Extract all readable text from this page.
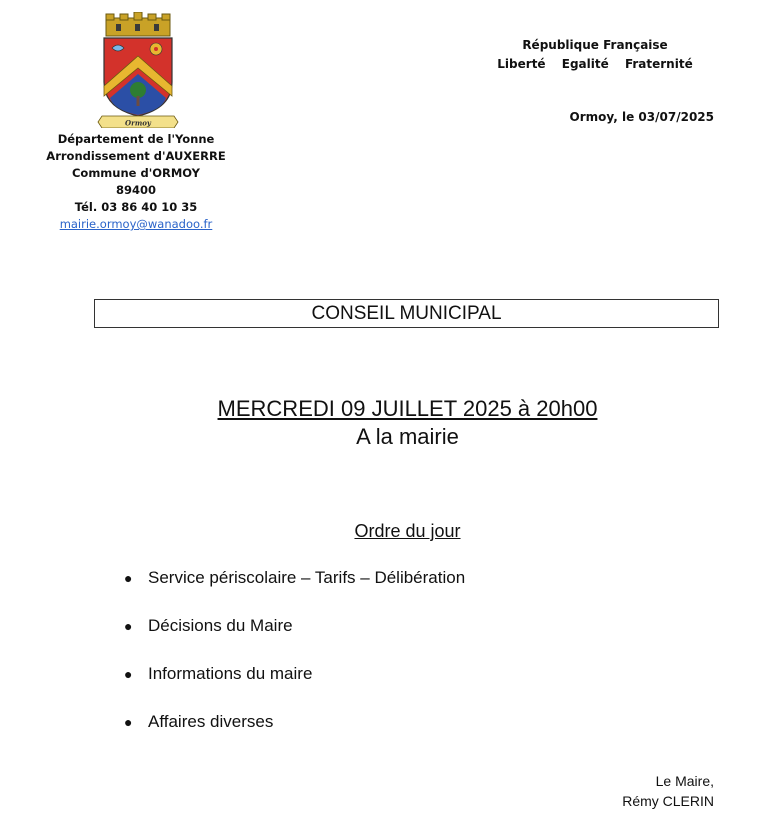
Ormoy
Département de l'Yonne
Arrondissement d'AUXERRE
Commune d'ORMOY
89400
Tél. 03 86 40 10 35
mairie.ormoy@wanadoo.fr
République Française
Liberté Egalité Fraternité
Ormoy, le 03/07/2025
CONSEIL MUNICIPAL
MERCREDI 09 JUILLET 2025 à 20h00
A la mairie
Ordre du jour
● Service périscolaire – Tarifs – Délibération
● Décisions du Maire
● Informations du maire
● Affaires diverses
Le Maire,
Rémy CLERIN
